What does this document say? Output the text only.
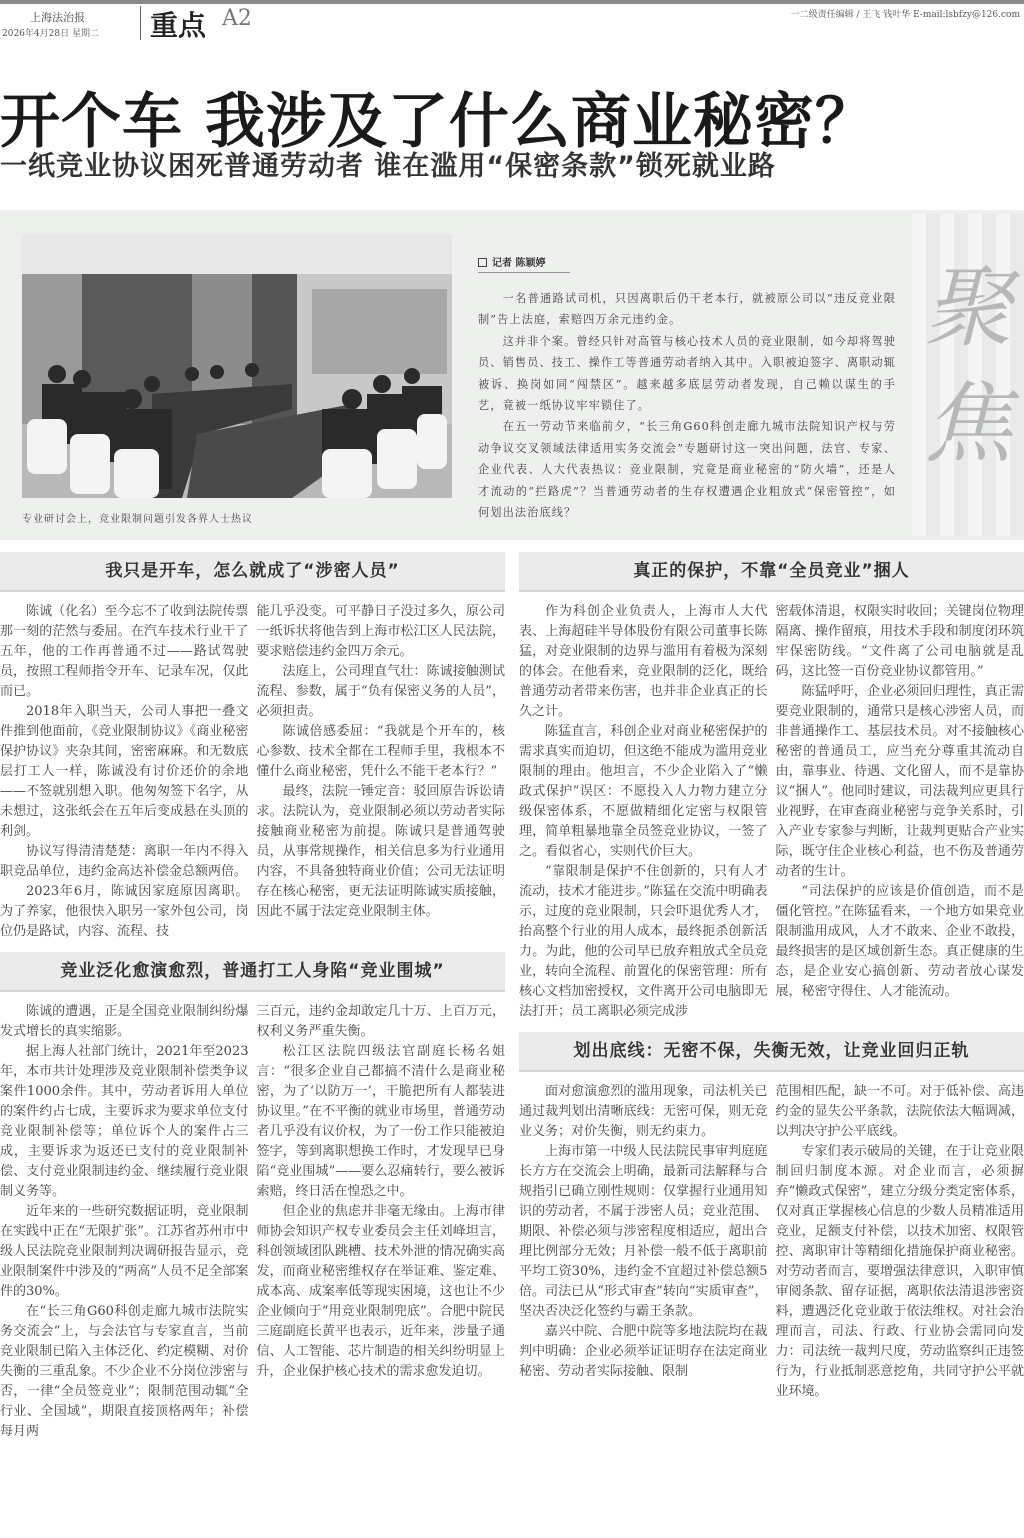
上海法治报
2026年4月28日 星期二 重点 A2	一二级责任编辑 / 王飞 钱叶华 E-mail:lsbfzy@126.com
开个车 我涉及了什么商业秘密？
一纸竞业协议困死普通劳动者 谁在滥用“保密条款”锁死就业路
专业研讨会上，竞业限制问题引发各界人士热议
记者 陈颖婷

一名普通路试司机，只因离职后仍干老本行，就被原公司以“违反竞业限制”告上法庭，索赔四万余元违约金。

这并非个案。曾经只针对高管与核心技术人员的竞业限制，如今却将驾驶员、销售员、技工、操作工等普通劳动者纳入其中。入职被迫签字、离职动辄被诉、换岗如同“闯禁区”。越来越多底层劳动者发现，自己赖以谋生的手艺，竟被一纸协议牢牢锁住了。

在五一劳动节来临前夕，“长三角G60科创走廊九城市法院知识产权与劳动争议交叉领域法律适用实务交流会”专题研讨这一突出问题，法官、专家、企业代表、人大代表热议：竞业限制，究竟是商业秘密的“防火墙”，还是人才流动的“拦路虎”？当普通劳动者的生存权遭遇企业粗放式“保密管控”，如何划出法治底线？

聚焦
我只是开车，怎么就成了“涉密人员”

陈诚（化名）至今忘不了收到法院传票那一刻的茫然与委屈。在汽车技术行业干了五年，他的工作再普通不过——路试驾驶员，按照工程师指令开车、记录车况，仅此而已。

2018年入职当天，公司人事把一叠文件推到他面前，《竞业限制协议》《商业秘密保护协议》夹杂其间，密密麻麻。和无数底层打工人一样，陈诚没有讨价还价的余地——不签就别想入职。他匆匆签下名字，从未想过，这张纸会在五年后变成悬在头顶的利剑。

协议写得清清楚楚：离职一年内不得入职竞品单位，违约金高达补偿金总额两倍。

2023年6月，陈诚因家庭原因离职。为了养家，他很快入职另一家外包公司，岗位仍是路试，内容、流程、技

能几乎没变。可平静日子没过多久，原公司一纸诉状将他告到上海市松江区人民法院，要求赔偿违约金四万余元。

法庭上，公司理直气壮：陈诚接触测试流程、参数，属于“负有保密义务的人员”，必须担责。

陈诚倍感委屈：“我就是个开车的，核心参数、技术全都在工程师手里，我根本不懂什么商业秘密，凭什么不能干老本行？”

最终，法院一锤定音：驳回原告诉讼请求。法院认为，竞业限制必须以劳动者实际接触商业秘密为前提。陈诚只是普通驾驶员，从事常规操作，相关信息多为行业通用内容，不具备独特商业价值；公司无法证明存在核心秘密，更无法证明陈诚实质接触，因此不属于法定竞业限制主体。

竞业泛化愈演愈烈，普通打工人身陷“竞业围城”

陈诚的遭遇，正是全国竞业限制纠纷爆发式增长的真实缩影。

据上海人社部门统计，2021年至2023年，本市共计处理涉及竞业限制补偿类争议案件1000余件。其中，劳动者诉用人单位的案件约占七成，主要诉求为要求单位支付竞业限制补偿等；单位诉个人的案件占三成，主要诉求为返还已支付的竞业限制补偿、支付竞业限制违约金、继续履行竞业限制义务等。

近年来的一些研究数据证明，竞业限制在实践中正在“无限扩张”。江苏省苏州市中级人民法院竞业限制判决调研报告显示，竞业限制案件中涉及的“两高”人员不足全部案件的30%。

在“长三角G60科创走廊九城市法院实务交流会”上，与会法官与专家直言，当前竞业限制已陷入主体泛化、约定模糊、对价失衡的三重乱象。不少企业不分岗位涉密与否，一律“全员签竞业”；限制范围动辄“全行业、全国域”，期限直接顶格两年；补偿每月两

三百元，违约金却敢定几十万、上百万元，权利义务严重失衡。

松江区法院四级法官副庭长杨名姐言：“很多企业自己都搞不清什么是商业秘密，为了‘以防万一’，干脆把所有人都装进协议里。”在不平衡的就业市场里，普通劳动者几乎没有议价权，为了一份工作只能被迫签字，等到离职想换工作时，才发现早已身陷“竞业围城”——要么忍痛转行，要么被诉索赔，终日活在惶恐之中。

但企业的焦虑并非毫无缘由。上海市律师协会知识产权专业委员会主任刘峰坦言，科创领域团队跳槽、技术外泄的情况确实高发，而商业秘密维权存在举证难、鉴定难、成本高、成案率低等现实困境，这也让不少企业倾向于“用竞业限制兜底”。合肥中院民三庭副庭长黄平也表示，近年来，涉量子通信、人工智能、芯片制造的相关纠纷明显上升，企业保护核心技术的需求愈发迫切。

真正的保护，不靠“全员竞业”捆人

作为科创企业负责人，上海市人大代表、上海超硅半导体股份有限公司董事长陈猛，对竞业限制的边界与滥用有着极为深刻的体会。在他看来，竞业限制的泛化，既给普通劳动者带来伤害，也并非企业真正的长久之计。

陈猛直言，科创企业对商业秘密保护的需求真实而迫切，但这绝不能成为滥用竞业限制的理由。他坦言，不少企业陷入了“懒政式保护”误区：不愿投入人力物力建立分级保密体系，不愿做精细化定密与权限管理，简单粗暴地靠全员签竞业协议，一签了之。看似省心，实则代价巨大。

“靠限制是保护不住创新的，只有人才流动，技术才能进步。”陈猛在交流中明确表示，过度的竞业限制，只会吓退优秀人才，抬高整个行业的用人成本，最终扼杀创新活力。为此，他的公司早已放弃粗放式全员竞业，转向全流程、前置化的保密管理：所有核心文档加密授权，文件离开公司电脑即无法打开；员工离职必须完成涉

密载体清退，权限实时收回；关键岗位物理隔离、操作留痕，用技术手段和制度闭环筑牢保密防线。“文件离了公司电脑就是乱码，这比签一百份竞业协议都管用。”

陈猛呼吁，企业必须回归理性，真正需要竞业限制的，通常只是核心涉密人员，而非普通操作工、基层技术员。对不接触核心秘密的普通员工，应当充分尊重其流动自由，靠事业、待遇、文化留人，而不是靠协议“捆人”。他同时建议，司法裁判应更具行业视野，在审查商业秘密与竞争关系时，引入产业专家参与判断，让裁判更贴合产业实际，既守住企业核心利益，也不伤及普通劳动者的生计。

“司法保护的应该是价值创造，而不是僵化管控。”在陈猛看来，一个地方如果竞业限制滥用成风，人才不敢来、企业不敢投，最终损害的是区域创新生态。真正健康的生态，是企业安心搞创新、劳动者放心谋发展，秘密守得住、人才能流动。

划出底线：无密不保，失衡无效，让竞业回归正轨

面对愈演愈烈的滥用现象，司法机关已通过裁判划出清晰底线：无密可保，则无竞业义务；对价失衡，则无约束力。

上海市第一中级人民法院民事审判庭庭长方方在交流会上明确，最新司法解释与合规指引已确立刚性规则：仅掌握行业通用知识的劳动者，不属于涉密人员；竞业范围、期限、补偿必须与涉密程度相适应，超出合理比例部分无效；月补偿一般不低于离职前平均工资30%，违约金不宜超过补偿总额5倍。司法已从“形式审查”转向“实质审查”，坚决否决泛化签约与霸王条款。

嘉兴中院、合肥中院等多地法院均在裁判中明确：企业必须举证证明存在法定商业秘密、劳动者实际接触、限制

范围相匹配，缺一不可。对于低补偿、高违约金的显失公平条款，法院依法大幅调减，以判决守护公平底线。

专家们表示破局的关键，在于让竞业限制回归制度本源。对企业而言，必须摒弃“懒政式保密”，建立分级分类定密体系，仅对真正掌握核心信息的少数人员精准适用竞业，足额支付补偿，以技术加密、权限管控、离职审计等精细化措施保护商业秘密。对劳动者而言，要增强法律意识，入职审慎审阅条款、留存证据，离职依法清退涉密资料，遭遇泛化竞业敢于依法维权。对社会治理而言，司法、行政、行业协会需同向发力：司法统一裁判尺度，劳动监察纠正违签行为，行业抵制恶意挖角，共同守护公平就业环境。
